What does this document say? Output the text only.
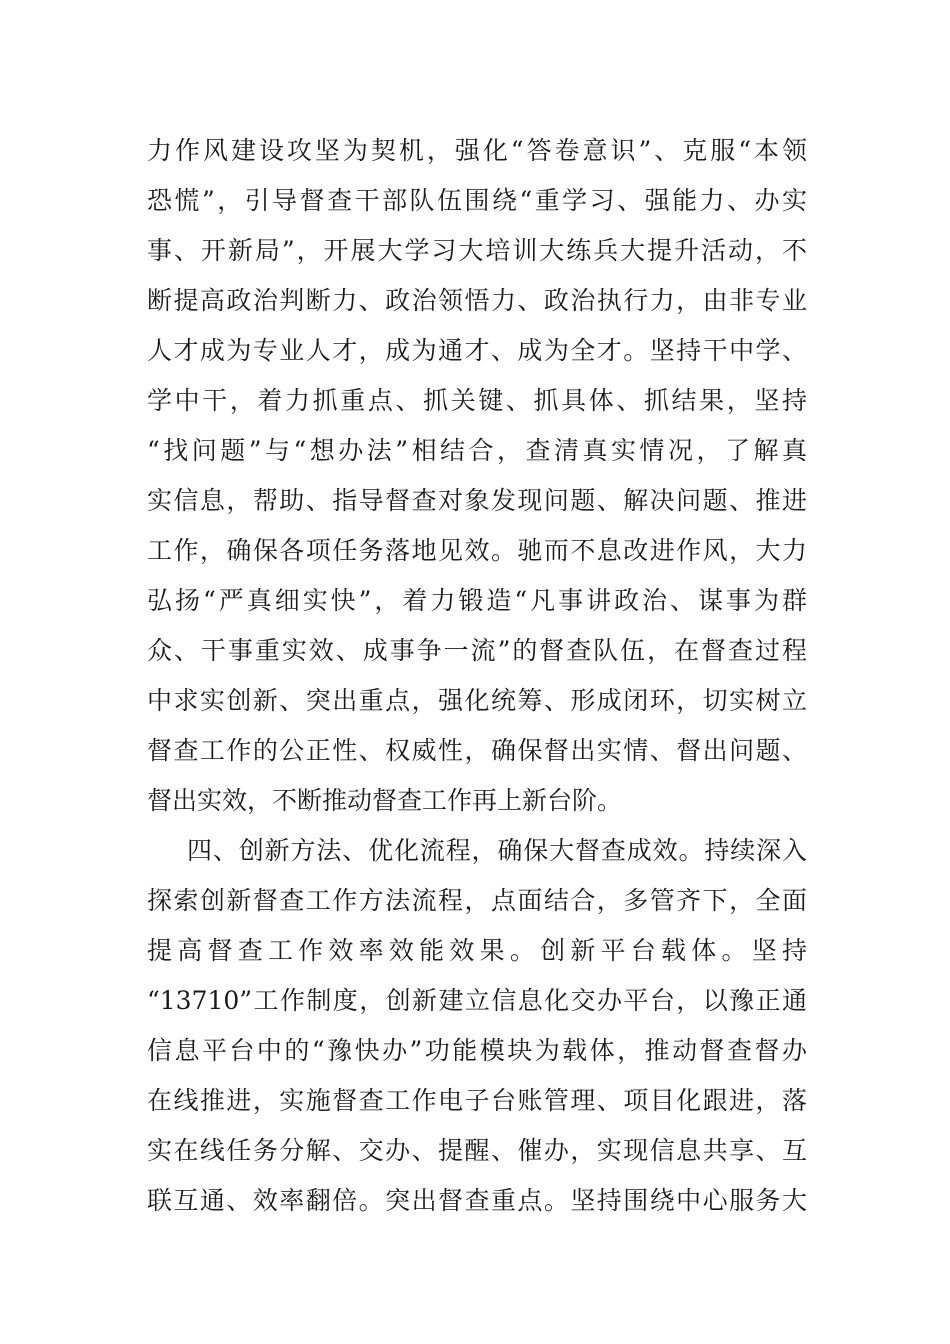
力作风建设攻坚为契机，强化“答卷意识”、克服“本领
恐慌”，引导督查干部队伍围绕“重学习、强能力、办实
事、开新局”，开展大学习大培训大练兵大提升活动，不
断提高政治判断力、政治领悟力、政治执行力，由非专业
人才成为专业人才，成为通才、成为全才。坚持干中学、
学中干，着力抓重点、抓关键、抓具体、抓结果，坚持
“找问题”与“想办法”相结合，查清真实情况，了解真
实信息，帮助、指导督查对象发现问题、解决问题、推进
工作，确保各项任务落地见效。驰而不息改进作风，大力
弘扬“严真细实快”，着力锻造“凡事讲政治、谋事为群
众、干事重实效、成事争一流”的督查队伍，在督查过程
中求实创新、突出重点，强化统筹、形成闭环，切实树立
督查工作的公正性、权威性，确保督出实情、督出问题、
督出实效，不断推动督查工作再上新台阶。
四、创新方法、优化流程，确保大督查成效。持续深入
探索创新督查工作方法流程，点面结合，多管齐下，全面
提高督查工作效率效能效果。创新平台载体。坚持
“13710”工作制度，创新建立信息化交办平台，以豫正通
信息平台中的“豫快办”功能模块为载体，推动督查督办
在线推进，实施督查工作电子台账管理、项目化跟进，落
实在线任务分解、交办、提醒、催办，实现信息共享、互
联互通、效率翻倍。突出督查重点。坚持围绕中心服务大
